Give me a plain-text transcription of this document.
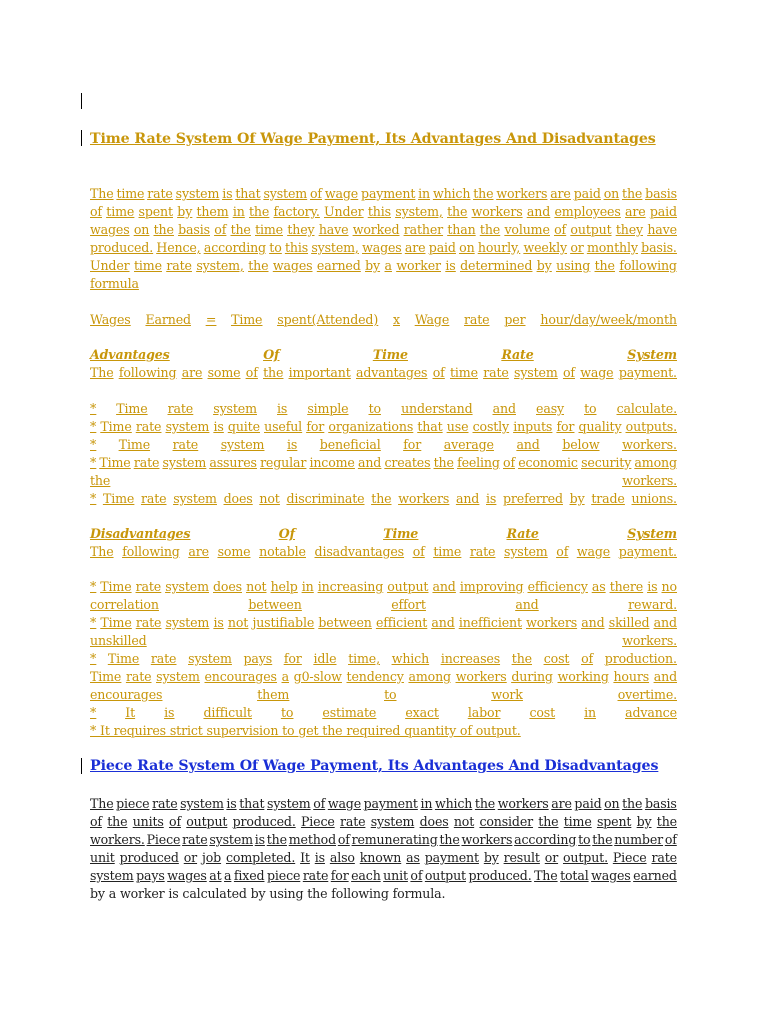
Time Rate System Of Wage Payment, Its Advantages And Disadvantages
The time rate system is that system of wage payment in which the workers are paid on the basis
of time spent by them in the factory. Under this system, the workers and employees are paid
wages on the basis of the time they have worked rather than the volume of output they have
produced. Hence, according to this system, wages are paid on hourly, weekly or monthly basis.
Under time rate system, the wages earned by a worker is determined by using the following
formula
Wages Earned = Time spent(Attended) x Wage rate per hour/day/week/month
Advantages	Of	Time	Rate	System
The following are some of the important advantages of time rate system of wage payment.
* Time rate system is simple to understand and easy to calculate.
* Time rate system is quite useful for organizations that use costly inputs for quality outputs.
* Time rate system is beneficial for average and below workers.
* Time rate system assures regular income and creates the feeling of economic security among
the	workers.
* Time rate system does not discriminate the workers and is preferred by trade unions.
Disadvantages	Of	Time	Rate	System
The following are some notable disadvantages of time rate system of wage payment.
* Time rate system does not help in increasing output and improving efficiency as there is no
correlation	between	effort	and	reward.
* Time rate system is not justifiable between efficient and inefficient workers and skilled and
unskilled	workers.
* Time rate system pays for idle time, which increases the cost of production.
Time rate system encourages a g0-slow tendency among workers during working hours and
encourages	them	to	work	overtime.
* It is difficult to estimate exact labor cost in advance
* It requires strict supervision to get the required quantity of output.
Piece Rate System Of Wage Payment, Its Advantages And Disadvantages
The piece rate system is that system of wage payment in which the workers are paid on the basis
of the units of output produced. Piece rate system does not consider the time spent by the
workers. Piece rate system is the method of remunerating the workers according to the number of
unit produced or job completed. It is also known as payment by result or output. Piece rate
system pays wages at a fixed piece rate for each unit of output produced. The total wages earned
by a worker is calculated by using the following formula.
